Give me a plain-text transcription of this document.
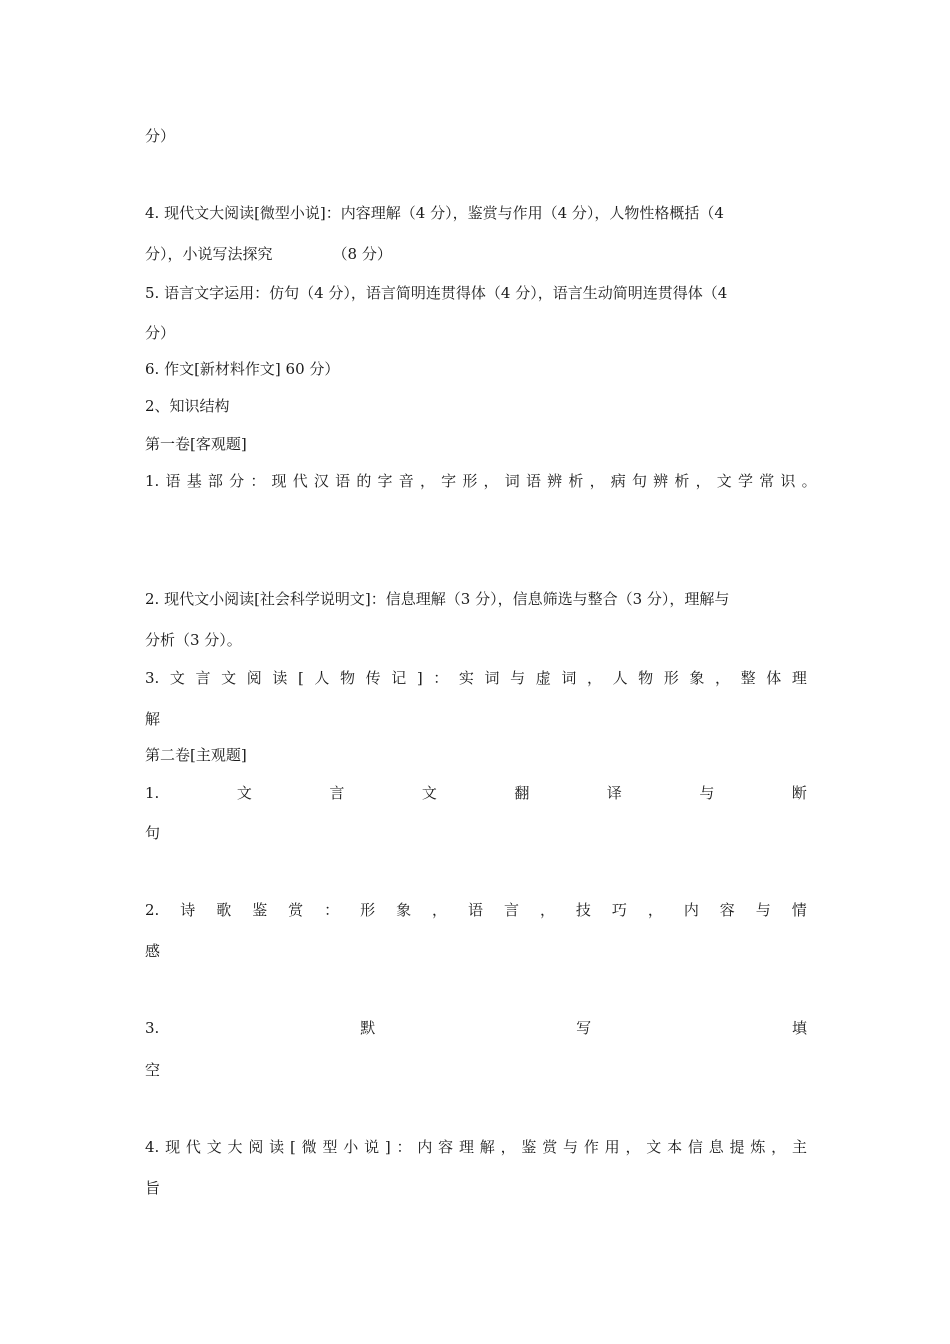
分）
4. 现代文大阅读[微型小说]：内容理解（4 分），鉴赏与作用（4 分），人物性格概括（4
分），小说写法探究	（8 分）
5. 语言文字运用：仿句（4 分），语言简明连贯得体（4 分），语言生动简明连贯得体（4
分）
6. 作文[新材料作文] 60 分）
2、知识结构
第一卷[客观题]
1. 语 基 部 分 ： 现 代 汉 语 的 字 音 ， 字 形 ， 词 语 辨 析 ， 病 句 辨 析 ， 文 学 常 识 。
2. 现代文小阅读[社会科学说明文]：信息理解（3 分），信息筛选与整合（3 分），理解与
分析（3 分）。
3. 文 言 文 阅 读 [ 人 物 传 记 ] ： 实 词 与 虚 词 ， 人 物 形 象 ， 整 体 理
解
第二卷[主观题]
1.	文	言	文	翻	译	与	断
句
2. 诗 歌 鉴 赏 ： 形 象 ， 语 言 ， 技 巧 ， 内 容 与 情
感
3.	默	写	填
空
4. 现 代 文 大 阅 读 [ 微 型 小 说 ] ： 内 容 理 解 ， 鉴 赏 与 作 用 ， 文 本 信 息 提 炼 ， 主
旨
